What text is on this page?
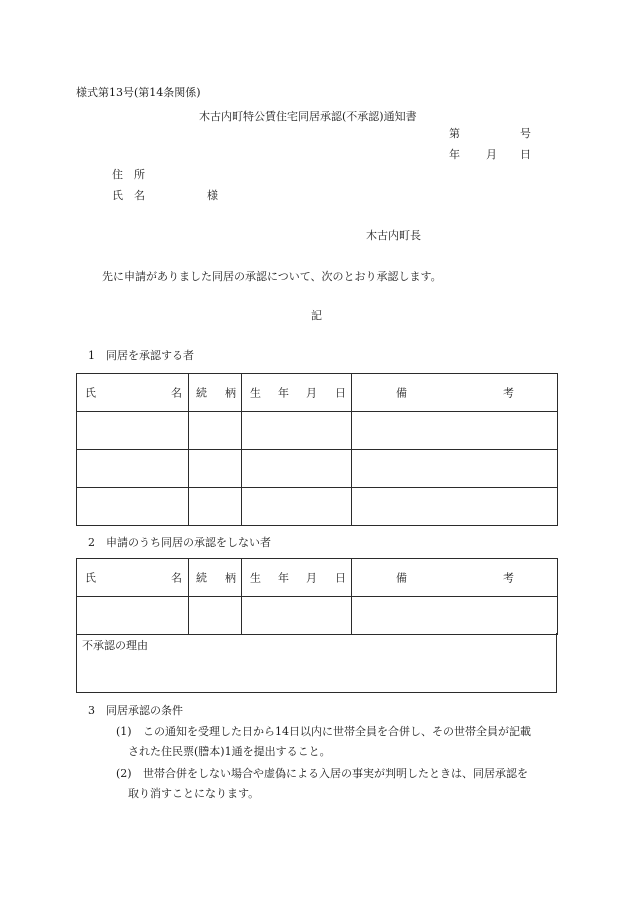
様式第13号(第14条関係)
木古内町特公賃住宅同居承認(不承認)通知書
第	号
年 月 日
住　所
氏　名	様
木古内町長
先に申請がありました同居の承認について、次のとおり承認します。
記
1　同居を承認する者
氏 名	続 柄	生 年 月 日	備 考

2　申請のうち同居の承認をしない者
氏 名	続 柄	生 年 月 日	備 考

不承認の理由
3　同居承認の条件
(1) この通知を受理した日から14日以内に世帯全員を合併し、その世帯全員が記載
された住民票(謄本)1通を提出すること。
(2) 世帯合併をしない場合や虚偽による入居の事実が判明したときは、同居承認を
取り消すことになります。
